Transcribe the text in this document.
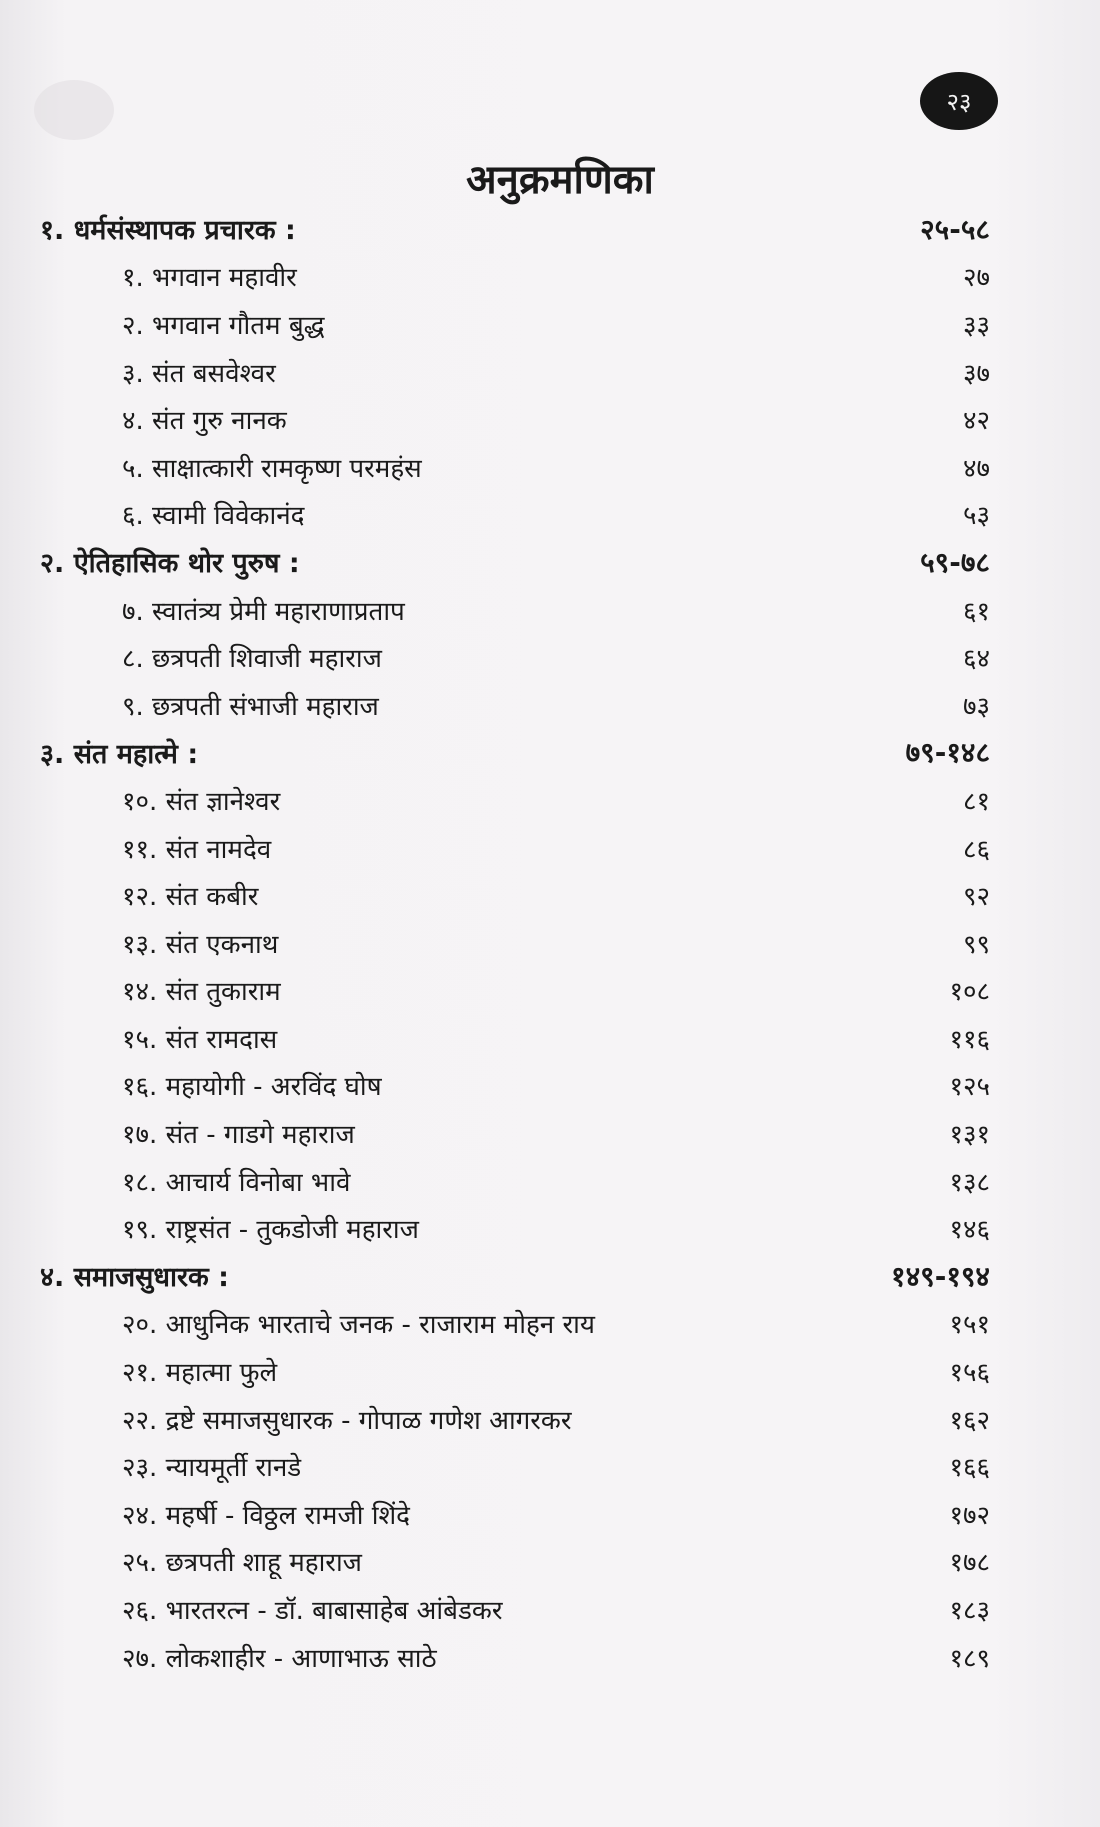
२३
अनुक्रमणिका
१. धर्मसंस्थापक प्रचारक :	२५-५८
१. भगवान महावीर	२७
२. भगवान गौतम बुद्ध	३३
३. संत बसवेश्वर	३७
४. संत गुरु नानक	४२
५. साक्षात्कारी रामकृष्ण परमहंस	४७
६. स्वामी विवेकानंद	५३
२. ऐतिहासिक थोर पुरुष :	५९-७८
७. स्वातंत्र्य प्रेमी महाराणाप्रताप	६१
८. छत्रपती शिवाजी महाराज	६४
९. छत्रपती संभाजी महाराज	७३
३. संत महात्मे :	७९-१४८
१०. संत ज्ञानेश्वर	८१
११. संत नामदेव	८६
१२. संत कबीर	९२
१३. संत एकनाथ	९९
१४. संत तुकाराम	१०८
१५. संत रामदास	११६
१६. महायोगी - अरविंद घोष	१२५
१७. संत - गाडगे महाराज	१३१
१८. आचार्य विनोबा भावे	१३८
१९. राष्ट्रसंत - तुकडोजी महाराज	१४६
४. समाजसुधारक :	१४९-१९४
२०. आधुनिक भारताचे जनक - राजाराम मोहन राय	१५१
२१. महात्मा फुले	१५६
२२. द्रष्टे समाजसुधारक - गोपाळ गणेश आगरकर	१६२
२३. न्यायमूर्ती रानडे	१६६
२४. महर्षी - विठ्ठल रामजी शिंदे	१७२
२५. छत्रपती शाहू महाराज	१७८
२६. भारतरत्न - डॉ. बाबासाहेब आंबेडकर	१८३
२७. लोकशाहीर - आणाभाऊ साठे	१८९
